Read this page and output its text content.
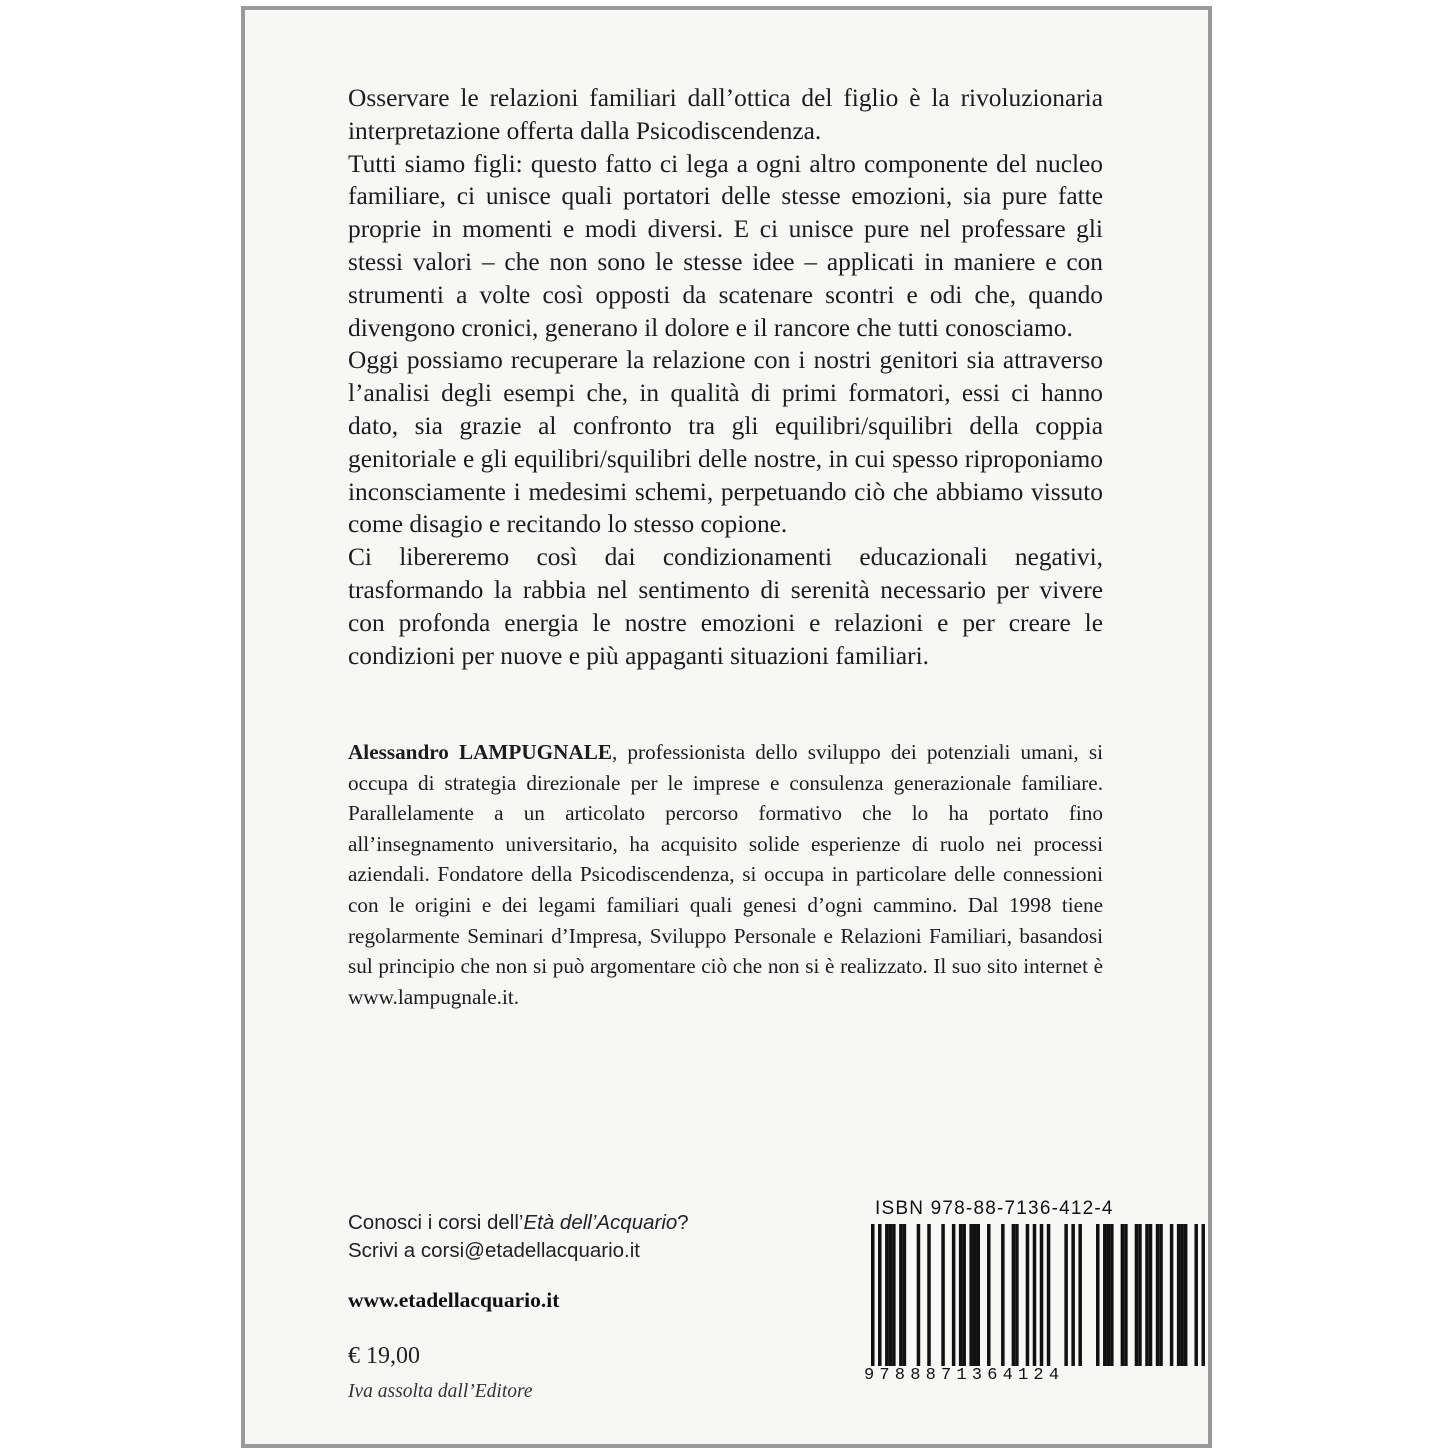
Osservare le relazioni familiari dall’ottica del figlio è la rivoluzionaria interpretazione offerta dalla Psicodiscendenza.

Tutti siamo figli: questo fatto ci lega a ogni altro componente del nucleo familiare, ci unisce quali portatori delle stesse emozioni, sia pure fatte proprie in momenti e modi diversi. E ci unisce pure nel professare gli stessi valori – che non sono le stesse idee – applicati in maniere e con strumenti a volte così opposti da scatenare scontri e odi che, quando divengono cronici, generano il dolore e il rancore che tutti conosciamo.

Oggi possiamo recuperare la relazione con i nostri genitori sia attraverso l’analisi degli esempi che, in qualità di primi formatori, essi ci hanno dato, sia grazie al confronto tra gli equilibri/squilibri della coppia genitoriale e gli equilibri/squilibri delle nostre, in cui spesso riproponiamo inconsciamente i medesimi schemi, perpetuando ciò che abbiamo vissuto come disagio e recitando lo stesso copione.

Ci libereremo così dai condizionamenti educazionali negativi, trasformando la rabbia nel sentimento di serenità necessario per vivere con profonda energia le nostre emozioni e relazioni e per creare le condizioni per nuove e più appaganti situazioni familiari.

Alessandro LAMPUGNALE, professionista dello sviluppo dei potenziali umani, si occupa di strategia direzionale per le imprese e consulenza generazionale familiare. Parallelamente a un articolato percorso formativo che lo ha portato fino all’insegnamento universitario, ha acquisito solide esperienze di ruolo nei processi aziendali. Fondatore della Psicodiscendenza, si occupa in particolare delle connessioni con le origini e dei legami familiari quali genesi d’ogni cammino. Dal 1998 tiene regolarmente Seminari d’Impresa, Sviluppo Personale e Relazioni Familiari, basandosi sul principio che non si può argomentare ciò che non si è realizzato. Il suo sito internet è www.lampugnale.it.

Conosci i corsi dell’Età dell’Acquario?
Scrivi a corsi@etadellacquario.it
www.etadellacquario.it
€ 19,00
Iva assolta dall’Editore
ISBN 978-88-7136-412-4
9788871364124
